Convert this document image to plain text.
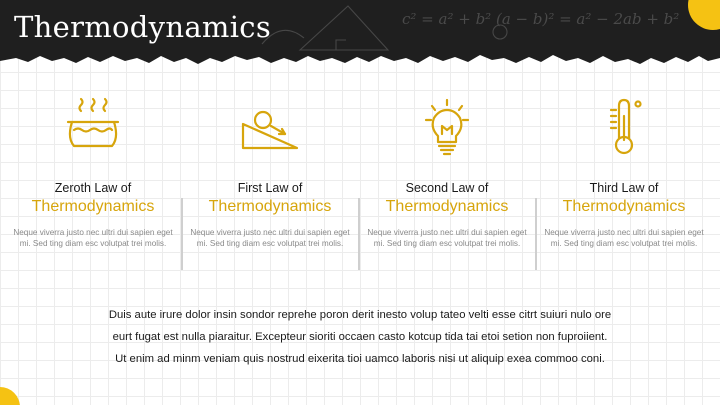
c² = a² + b² (a − b)² = a² − 2ab + b²
Thermodynamics
Zeroth Law of
Thermodynamics
Neque viverra justo nec ultri dui sapien eget mi. Sed ting diam esc volutpat trei molis.
First Law of
Thermodynamics
Neque viverra justo nec ultri dui sapien eget mi. Sed ting diam esc volutpat trei molis.
Second Law of
Thermodynamics
Neque viverra justo nec ultri dui sapien eget mi. Sed ting diam esc volutpat trei molis.
Third Law of
Thermodynamics
Neque viverra justo nec ultri dui sapien eget mi. Sed ting diam esc volutpat trei molis.

Duis aute irure dolor insin sondor reprehe poron derit inesto volup tateo velti esse citrt suiuri nulo ore

eurt fugat est nulla piaraitur. Excepteur sioriti occaen casto kotcup tida tai etoi setion non fuproiient.

Ut enim ad minm veniam quis nostrud eixerita tioi uamco laboris nisi ut aliquip exea commoo coni.
